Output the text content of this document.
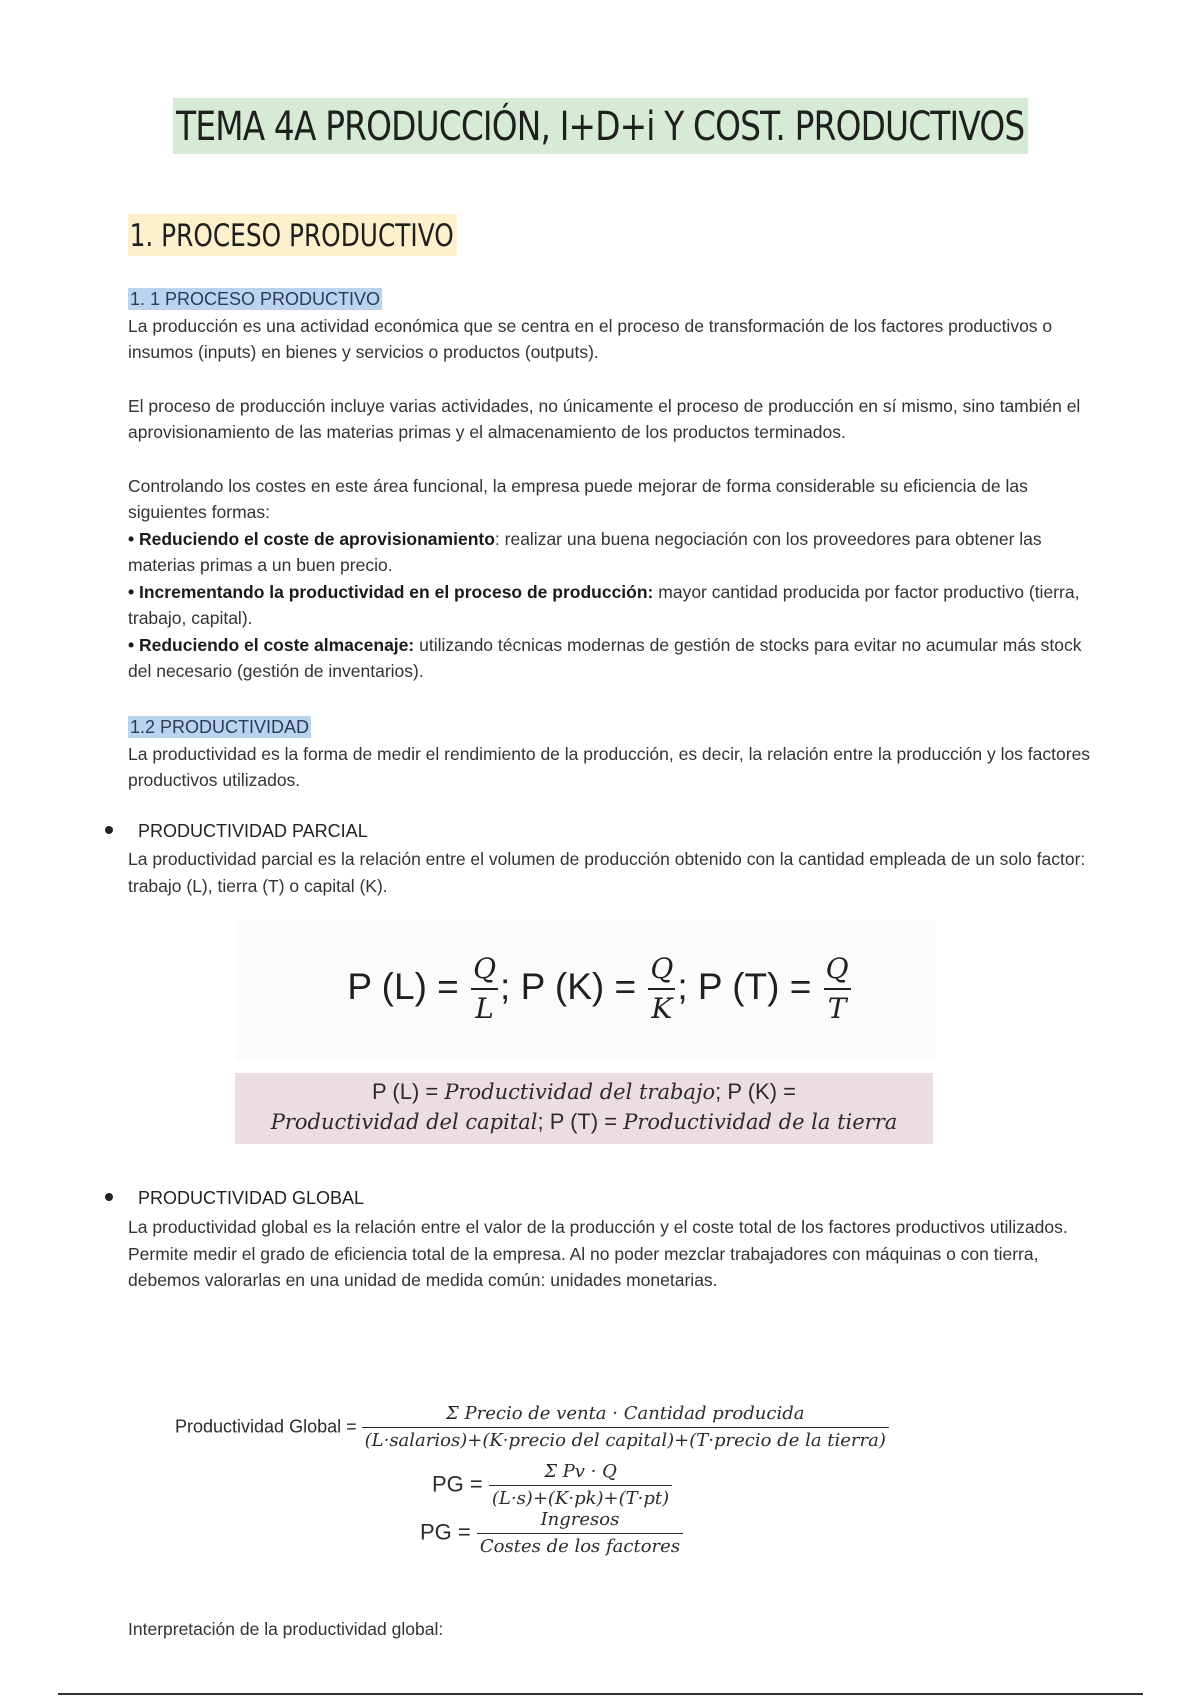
TEMA 4A PRODUCCIÓN, I+D+i Y COST. PRODUCTIVOS
1. PROCESO PRODUCTIVO
1. 1 PROCESO PRODUCTIVO

La producción es una actividad económica que se centra en el proceso de transformación de los factores productivos o insumos (inputs) en bienes y servicios o productos (outputs).

El proceso de producción incluye varias actividades, no únicamente el proceso de producción en sí mismo, sino también el aprovisionamiento de las materias primas y el almacenamiento de los productos terminados.

Controlando los costes en este área funcional, la empresa puede mejorar de forma considerable su eficiencia de las siguientes formas:

• Reduciendo el coste de aprovisionamiento: realizar una buena negociación con los proveedores para obtener las materias primas a un buen precio.

• Incrementando la productividad en el proceso de producción: mayor cantidad producida por factor productivo (tierra, trabajo, capital).

• Reduciendo el coste almacenaje: utilizando técnicas modernas de gestión de stocks para evitar no acumular más stock del necesario (gestión de inventarios).

1.2 PRODUCTIVIDAD

La productividad es la forma de medir el rendimiento de la producción, es decir, la relación entre la producción y los factores productivos utilizados.

PRODUCTIVIDAD PARCIAL

La productividad parcial es la relación entre el volumen de producción obtenido con la cantidad empleada de un solo factor: trabajo (L), tierra (T) o capital (K).

P $(L) = \frac{Q}{L}$ ; P $(K) = \frac{Q}{K}$ ; P $(T) = \frac{Q}{T}$
P (L) = Productividad del trabajo; P (K) =
Productividad del capital; P (T) = Productividad de la tierra
PRODUCTIVIDAD GLOBAL

La productividad global es la relación entre el valor de la producción y el coste total de los factores productivos utilizados. Permite medir el grado de eficiencia total de la empresa. Al no poder mezclar trabajadores con máquinas o con tierra, debemos valorarlas en una unidad de medida común: unidades monetarias.

Productividad Global = $\frac{\text{Σ Precio de venta · Cantidad producida}}{\text{(L·salarios)+(K·precio del capital)+(T·precio de la tierra)}}$
PG = $\frac{\text{Σ Pv · Q}}{(L\cdot s)+(K\cdot pk)+(T\cdot pt)}$
PG = $\frac{\text{Ingresos}}{\text{Costes de los factores}}$

Interpretación de la productividad global:
